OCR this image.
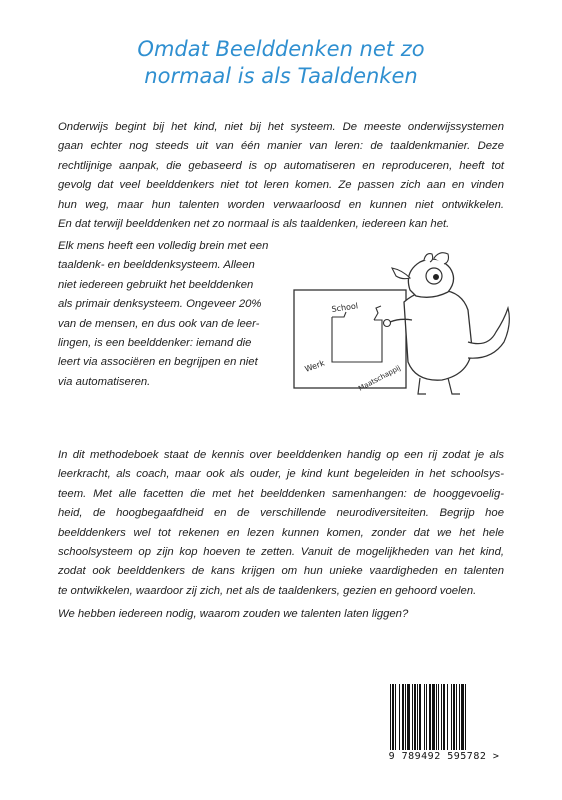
Omdat Beelddenken net zo
normaal is als Taaldenken
Onderwijs begint bij het kind, niet bij het systeem. De meeste onderwijssystemen
gaan echter nog steeds uit van één manier van leren: de taaldenkmanier. Deze
rechtlijnige aanpak, die gebaseerd is op automatiseren en reproduceren, heeft tot
gevolg dat veel beelddenkers niet tot leren komen. Ze passen zich aan en vinden
hun weg, maar hun talenten worden verwaarloosd en kunnen niet ontwikkelen.
En dat terwijl beelddenken net zo normaal is als taaldenken, iedereen kan het.
Elk mens heeft een volledig brein met een
taaldenk- en beelddenksysteem. Alleen
niet iedereen gebruikt het beelddenken
als primair denksysteem. Ongeveer 20%
van de mensen, en dus ook van de leer-
lingen, is een beelddenker: iemand die
leert via associëren en begrijpen en niet
via automatiseren.
School
Werk	Maatschappij
In dit methodeboek staat de kennis over beelddenken handig op een rij zodat je als
leerkracht, als coach, maar ook als ouder, je kind kunt begeleiden in het schoolsys-
teem. Met alle facetten die met het beelddenken samenhangen: de hooggevoelig-
heid, de hoogbegaafdheid en de verschillende neurodiversiteiten. Begrijp hoe
beelddenkers wel tot rekenen en lezen kunnen komen, zonder dat we het hele
schoolsysteem op zijn kop hoeven te zetten. Vanuit de mogelijkheden van het kind,
zodat ook beelddenkers de kans krijgen om hun unieke vaardigheden en talenten
te ontwikkelen, waardoor zij zich, net als de taaldenkers, gezien en gehoord voelen.
We hebben iedereen nodig, waarom zouden we talenten laten liggen?
9 789492 595782 >
